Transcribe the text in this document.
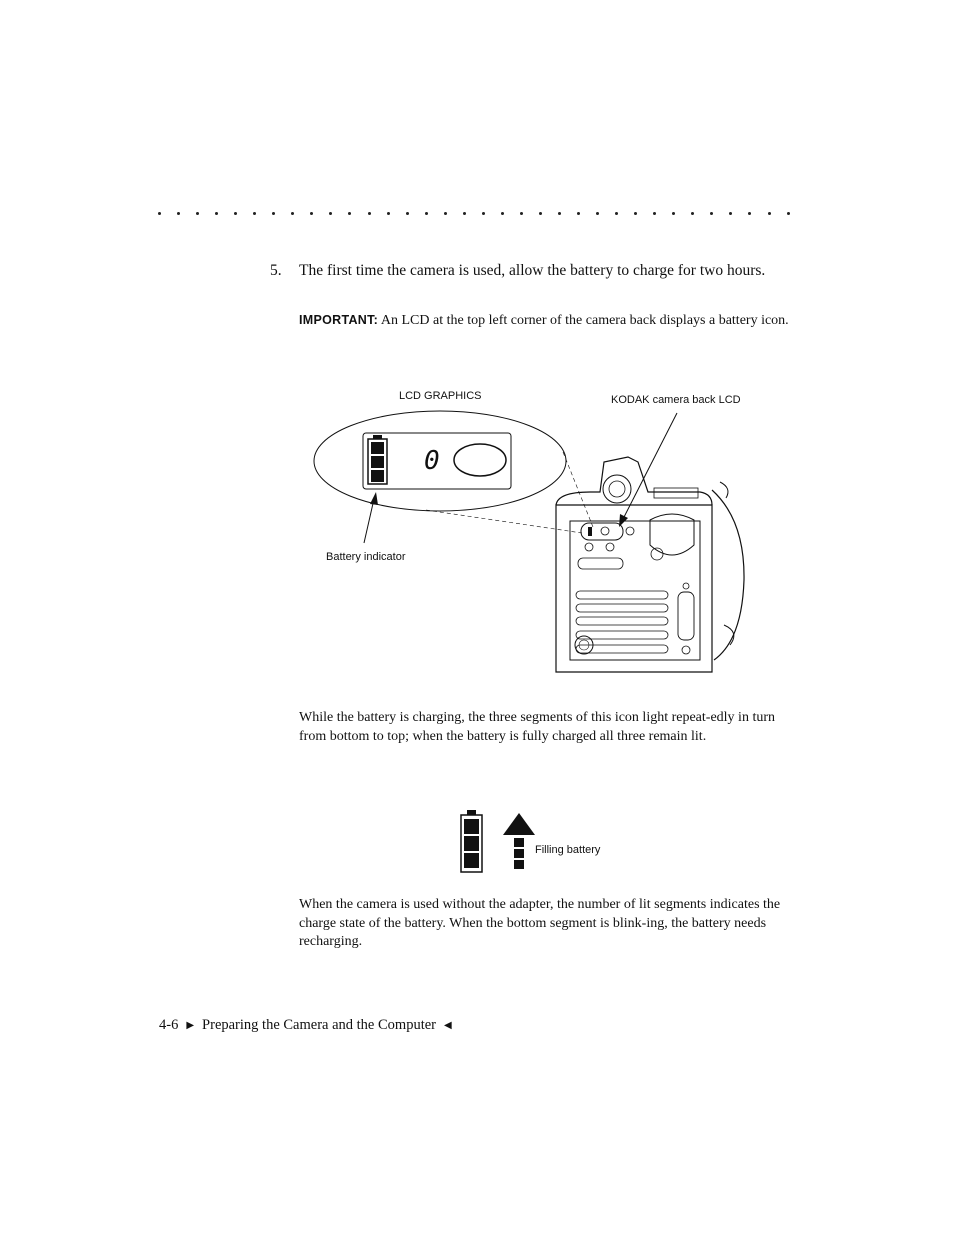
5. The first time the camera is used, allow the battery to charge for two hours.
IMPORTANT: An LCD at the top left corner of the camera back displays a battery icon.
LCD GRAPHICS	KODAK camera back LCD
Battery indicator
0
While the battery is charging, the three segments of this icon light repeat-edly in turn from bottom to top; when the battery is fully charged all three remain lit.
Filling battery
When the camera is used without the adapter, the number of lit segments indicates the charge state of the battery. When the bottom segment is blink-ing, the battery needs recharging.
4-6 ▶ Preparing the Camera and the Computer ◀
